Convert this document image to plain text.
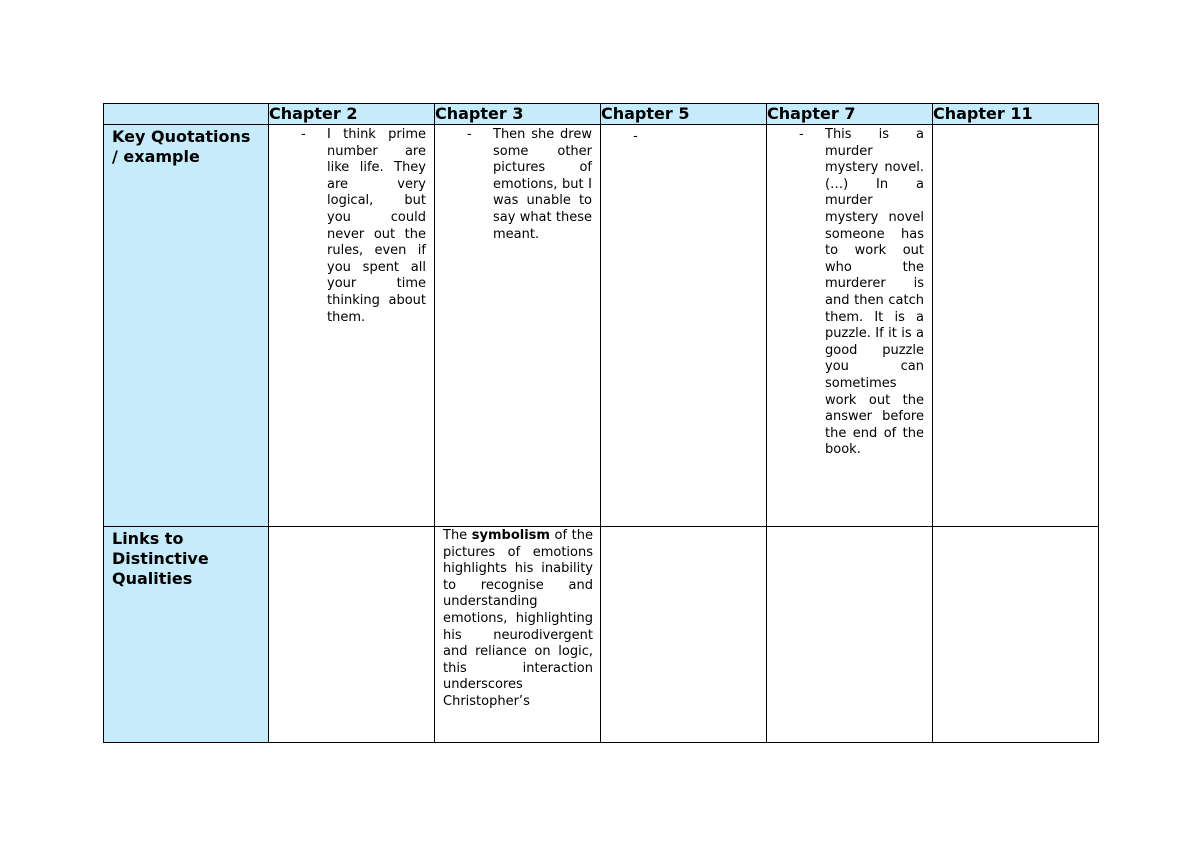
	Chapter 2	Chapter 3	Chapter 5	Chapter 7	Chapter 11
Key Quotations / example	- I think prime number are like life. They are very logical, but you could never out the rules, even if you spent all your time thinking about them.	- Then she drew some other pictures of emotions, but I was unable to say what these meant.	-	- This is a murder mystery novel. (…) In a murder mystery novel someone has to work out who the murderer is and then catch them. It is a puzzle. If it is a good puzzle you can sometimes work out the answer before the end of the book.	

Links to Distinctive Qualities		The symbolism of the pictures of emotions highlights his inability to recognise and understanding emotions, highlighting his neurodivergent and reliance on logic, this interaction underscores Christopher’s			
